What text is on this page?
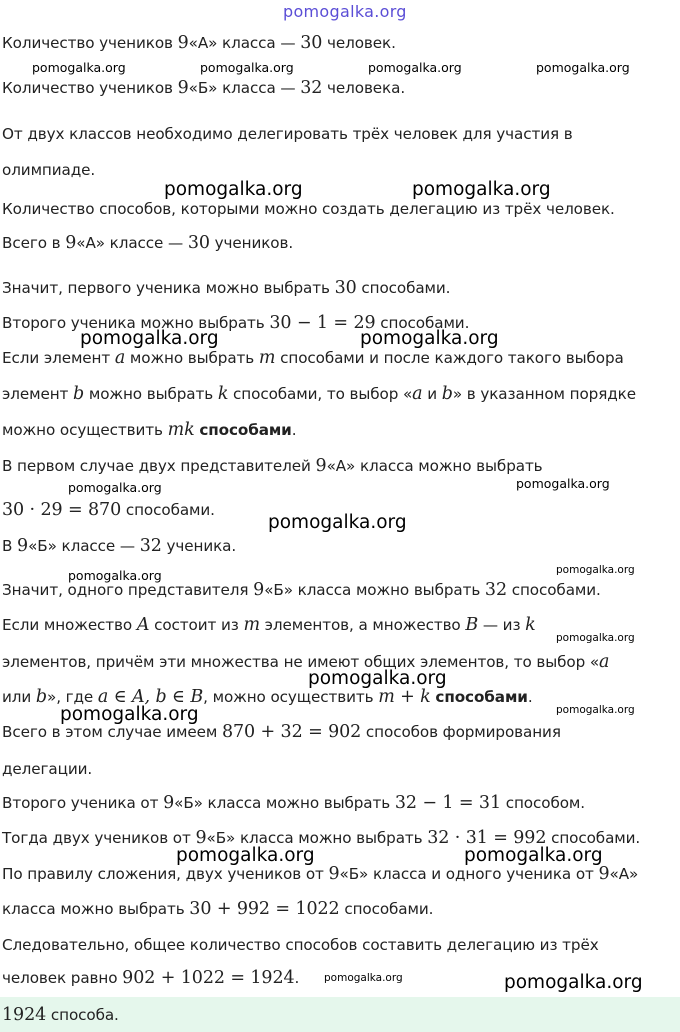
pomogalka.org

Количество учеников 9«А» класса — 30 человек.

Количество учеников 9«Б» класса — 32 человека.

От двух классов необходимо делегировать трёх человек для участия в

олимпиаде.

Количество способов, которыми можно создать делегацию из трёх человек.

Всего в 9«А» классе — 30 учеников.

Значит, первого ученика можно выбрать 30 способами.

Второго ученика можно выбрать 30 − 1 = 29 способами.

Если элемент a можно выбрать m способами и после каждого такого выбора

элемент b можно выбрать k способами, то выбор «a и b» в указанном порядке

можно осуществить mk способами.

В первом случае двух представителей 9«А» класса можно выбрать

30 · 29 = 870 способами.

В 9«Б» классе — 32 ученика.

Значит, одного представителя 9«Б» класса можно выбрать 32 способами.

Если множество A состоит из m элементов, а множество B — из k

элементов, причём эти множества не имеют общих элементов, то выбор «a

или b», где a ∈ A, b ∈ B, можно осуществить m + k способами.

Всего в этом случае имеем 870 + 32 = 902 способов формирования

делегации.

Второго ученика от 9«Б» класса можно выбрать 32 − 1 = 31 способом.

Тогда двух учеников от 9«Б» класса можно выбрать 32 · 31 = 992 способами.

По правилу сложения, двух учеников от 9«Б» класса и одного ученика от 9«А»

класса можно выбрать 30 + 992 = 1022 способами.

Следовательно, общее количество способов составить делегацию из трёх

человек равно 902 + 1022 = 1924.

1924 способа.

pomogalka.org	pomogalka.org	pomogalka.org	pomogalka.org
pomogalka.org	pomogalka.org
pomogalka.org	pomogalka.org
pomogalka.org	pomogalka.org
pomogalka.org
pomogalka.org	pomogalka.org
pomogalka.org
pomogalka.org
pomogalka.org	pomogalka.org
pomogalka.org	pomogalka.org
pomogalka.org	pomogalka.org
